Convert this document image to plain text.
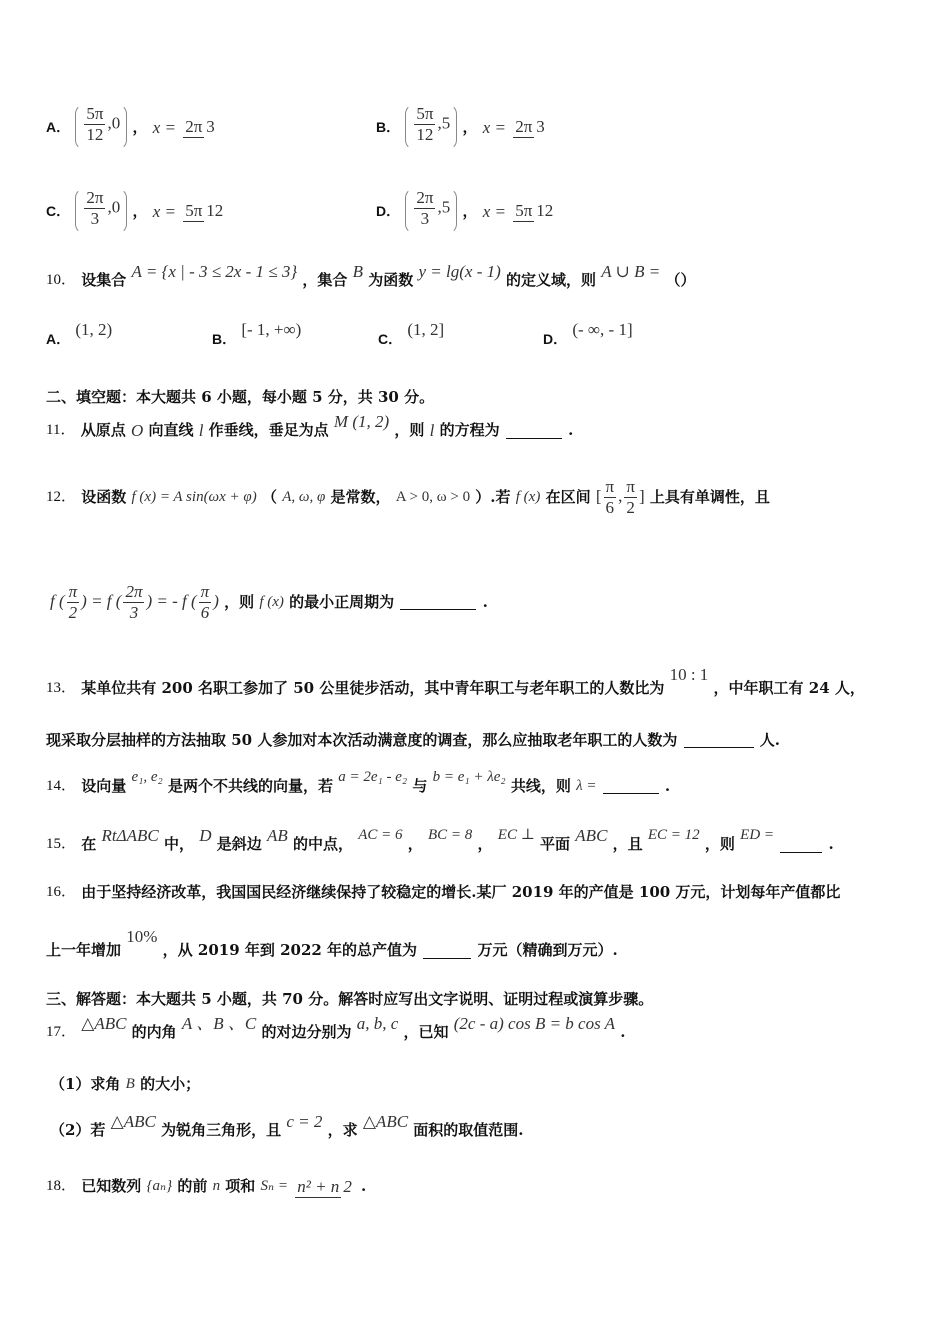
A． $\frac{5\pi}{12} ,0$ ， x = 2π 3	B． $\frac{5\pi}{12} ,5$ ， x = 2π 3
C． $\frac{2\pi}{3} ,0$ ， x = 5π 12	D． $\frac{2\pi}{3} ,5$ ， x = 5π 12
10． 设集合 A = {x | - 3 ≤ 2x - 1 ≤ 3} ，集合 B 为函数 y = lg(x - 1) 的定义域，则 A ∪ B = （）
A． (1, 2)	B． [- 1, +∞)	C． (1, 2]	D． (- ∞, - 1]
二、填空题：本大题共 6 小题，每小题 5 分，共 30 分。
11． 从原点 O 向直线 l 作垂线，垂足为点 M (1, 2) ，则 l 的方程为	.
12． 设函数 f (x) = A sin(ωx + φ) （ A, ω, φ 是常数， A > 0, ω > 0 ）.若 f (x) 在区间 [ $\frac{\pi}{6}$ , $\frac{\pi}{2}$ ] 上具有单调性，且
f ( $\frac{\pi}{2}$ ) = f ( $\frac{2\pi}{3}$ ) = - f ( $\frac{\pi}{6}$ ) ，则 f (x) 的最小正周期为	.
13． 某单位共有 200 名职工参加了 50 公里徒步活动，其中青年职工与老年职工的人数比为 10 : 1 ，中年职工有 24 人，
现采取分层抽样的方法抽取 50 人参加对本次活动满意度的调查，那么应抽取老年职工的人数为	人.
14． 设向量 e₁, e₂ 是两个不共线的向量，若 a = 2e₁ - e₂ 与 b = e₁ + λe₂ 共线，则 λ =	.
15． 在 RtΔABC 中， D 是斜边 AB 的中点， AC = 6 ， BC = 8 ， EC ⊥ 平面 ABC ，且 EC = 12 ，则 ED =	.
16． 由于坚持经济改革，我国国民经济继续保持了较稳定的增长.某厂 2019 年的产值是 100 万元，计划每年产值都比
上一年增加 10% ，从 2019 年到 2022 年的总产值为	万元（精确到万元）.
三、解答题：本大题共 5 小题，共 70 分。解答时应写出文字说明、证明过程或演算步骤。
17． △ABC 的内角 A 、B 、C 的对边分别为 a, b, c ，已知 (2c - a) cos B = b cos A .
（1）求角 B 的大小；
（2）若 △ABC 为锐角三角形，且 c = 2 ，求 △ABC 面积的取值范围.
18． 已知数列 {aₙ} 的前 n 项和 Sₙ = n² + n 2 .
